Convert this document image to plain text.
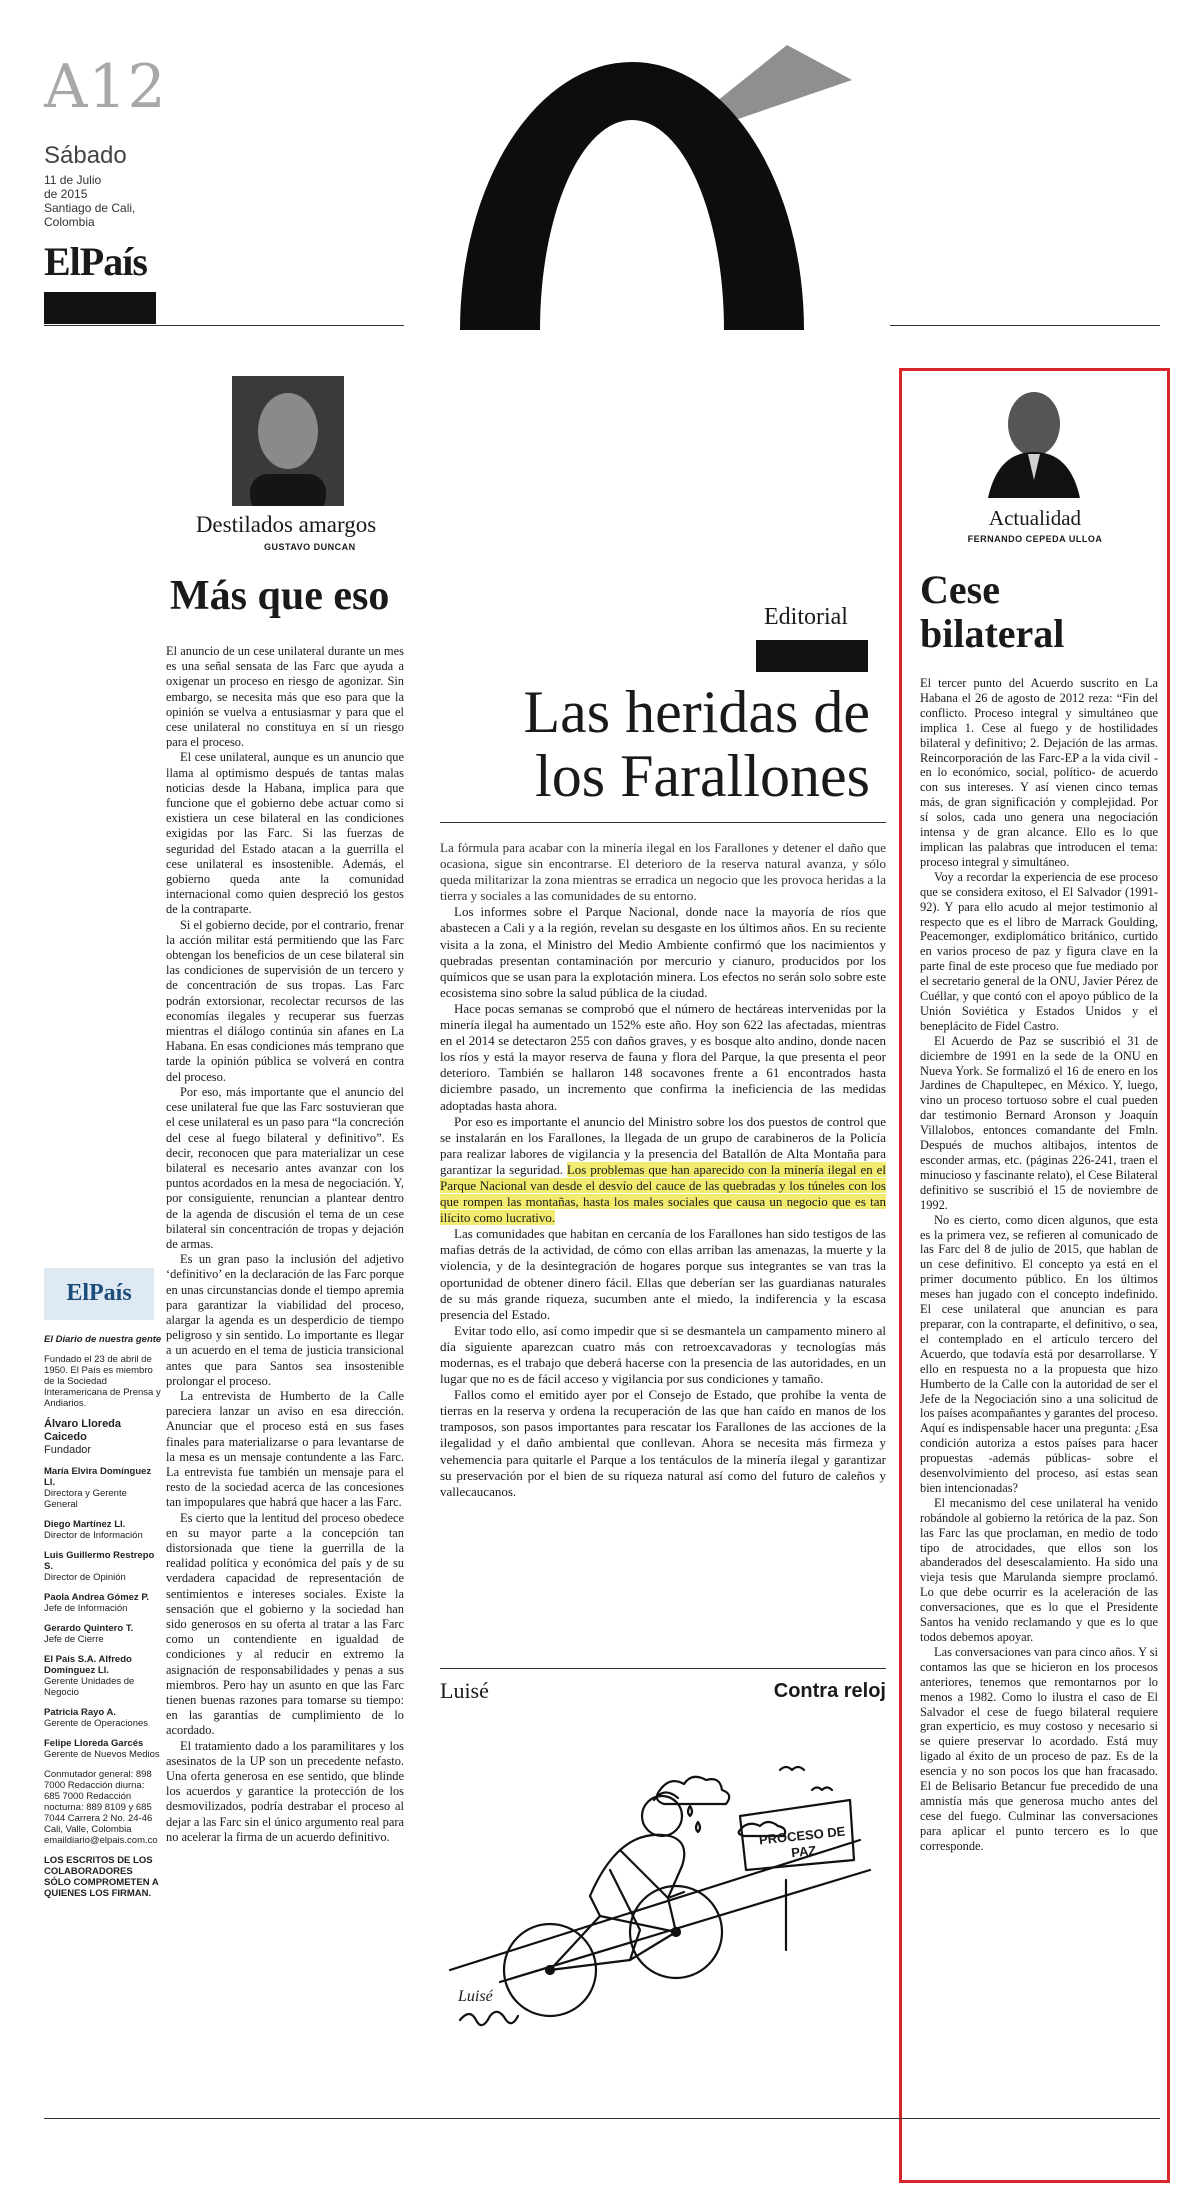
A12
Sábado
11 de Julio
de 2015
Santiago de Cali,
Colombia
ElPaís
Destilados amargos
GUSTAVO DUNCAN
Más que eso

El anuncio de un cese unilateral durante un mes es una señal sensata de las Farc que ayuda a oxigenar un proceso en riesgo de agonizar. Sin embargo, se necesita más que eso para que la opinión se vuelva a entusiasmar y para que el cese unilateral no constituya en sí un riesgo para el proceso.

El cese unilateral, aunque es un anuncio que llama al optimismo después de tantas malas noticias desde la Habana, implica para que funcione que el gobierno debe actuar como si existiera un cese bilateral en las condiciones exigidas por las Farc. Si las fuerzas de seguridad del Estado atacan a la guerrilla el cese unilateral es insostenible. Además, el gobierno queda ante la comunidad internacional como quien despreció los gestos de la contraparte.

Si el gobierno decide, por el contrario, frenar la acción militar está permitiendo que las Farc obtengan los beneficios de un cese bilateral sin las condiciones de supervisión de un tercero y de concentración de sus tropas. Las Farc podrán extorsionar, recolectar recursos de las economías ilegales y recuperar sus fuerzas mientras el diálogo continúa sin afanes en La Habana. En esas condiciones más temprano que tarde la opinión pública se volverá en contra del proceso.

Por eso, más importante que el anuncio del cese unilateral fue que las Farc sostuvieran que el cese unilateral es un paso para “la concreción del cese al fuego bilateral y definitivo”. Es decir, reconocen que para materializar un cese bilateral es necesario antes avanzar con los puntos acordados en la mesa de negociación. Y, por consiguiente, renuncian a plantear dentro de la agenda de discusión el tema de un cese bilateral sin concentración de tropas y dejación de armas.

Es un gran paso la inclusión del adjetivo ‘definitivo’ en la declaración de las Farc porque en unas circunstancias donde el tiempo apremia para garantizar la viabilidad del proceso, alargar la agenda es un desperdicio de tiempo peligroso y sin sentido. Lo importante es llegar a un acuerdo en el tema de justicia transicional antes que para Santos sea insostenible prolongar el proceso.

La entrevista de Humberto de la Calle pareciera lanzar un aviso en esa dirección. Anunciar que el proceso está en sus fases finales para materializarse o para levantarse de la mesa es un mensaje contundente a las Farc. La entrevista fue también un mensaje para el resto de la sociedad acerca de las concesiones tan impopulares que habrá que hacer a las Farc.

Es cierto que la lentitud del proceso obedece en su mayor parte a la concepción tan distorsionada que tiene la guerrilla de la realidad política y económica del país y de su verdadera capacidad de representación de sentimientos e intereses sociales. Existe la sensación que el gobierno y la sociedad han sido generosos en su oferta al tratar a las Farc como un contendiente en igualdad de condiciones y al reducir en extremo la asignación de responsabilidades y penas a sus miembros. Pero hay un asunto en que las Farc tienen buenas razones para tomarse su tiempo: en las garantías de cumplimiento de lo acordado.

El tratamiento dado a los paramilitares y los asesinatos de la UP son un precedente nefasto. Una oferta generosa en ese sentido, que blinde los acuerdos y garantice la protección de los desmovilizados, podría destrabar el proceso al dejar a las Farc sin el único argumento real para no acelerar la firma de un acuerdo definitivo.

ElPaís
El Diario de nuestra gente
Fundado el 23 de abril de 1950. El País es miembro de la Sociedad Interamericana de Prensa y Andiarios.
Álvaro Lloreda Caicedo
Fundador
María Elvira Domínguez Ll.
Directora y Gerente General
Diego Martínez Ll.
Director de Información
Luis Guillermo Restrepo S.
Director de Opinión
Paola Andrea Gómez P.
Jefe de Información
Gerardo Quintero T.
Jefe de Cierre
El País S.A. Alfredo Domínguez Ll.
Gerente Unidades de Negocio
Patricia Rayo A.
Gerente de Operaciones
Felipe Lloreda Garcés
Gerente de Nuevos Medios
Conmutador general: 898 7000 Redacción diurna: 685 7000 Redacción nocturna: 889 8109 y 685 7044 Carrera 2 No. 24-46 Cali, Valle, Colombia emaildiario@elpais.com.co
LOS ESCRITOS DE LOS COLABORADORES SÓLO COMPROMETEN A QUIENES LOS FIRMAN.
Editorial
Las heridas de
los Farallones

La fórmula para acabar con la minería ilegal en los Farallones y detener el daño que ocasiona, sigue sin encontrarse. El deterioro de la reserva natural avanza, y sólo queda militarizar la zona mientras se erradica un negocio que les provoca heridas a la tierra y sociales a las comunidades de su entorno.

Los informes sobre el Parque Nacional, donde nace la mayoría de ríos que abastecen a Cali y a la región, revelan su desgaste en los últimos años. En su reciente visita a la zona, el Ministro del Medio Ambiente confirmó que los nacimientos y quebradas presentan contaminación por mercurio y cianuro, producidos por los químicos que se usan para la explotación minera. Los efectos no serán solo sobre este ecosistema sino sobre la salud pública de la ciudad.

Hace pocas semanas se comprobó que el número de hectáreas intervenidas por la minería ilegal ha aumentado un 152% este año. Hoy son 622 las afectadas, mientras en el 2014 se detectaron 255 con daños graves, y es bosque alto andino, donde nacen los ríos y está la mayor reserva de fauna y flora del Parque, la que presenta el peor deterioro. También se hallaron 148 socavones frente a 61 encontrados hasta diciembre pasado, un incremento que confirma la ineficiencia de las medidas adoptadas hasta ahora.

Por eso es importante el anuncio del Ministro sobre los dos puestos de control que se instalarán en los Farallones, la llegada de un grupo de carabineros de la Policía para realizar labores de vigilancia y la presencia del Batallón de Alta Montaña para garantizar la seguridad. Los problemas que han aparecido con la minería ilegal en el Parque Nacional van desde el desvío del cauce de las quebradas y los túneles con los que rompen las montañas, hasta los males sociales que causa un negocio que es tan ilícito como lucrativo.

Las comunidades que habitan en cercanía de los Farallones han sido testigos de las mafias detrás de la actividad, de cómo con ellas arriban las amenazas, la muerte y la violencia, y de la desintegración de hogares porque sus integrantes se van tras la oportunidad de obtener dinero fácil. Ellas que deberían ser las guardianas naturales de su más grande riqueza, sucumben ante el miedo, la indiferencia y la escasa presencia del Estado.

Evitar todo ello, así como impedir que si se desmantela un campamento minero al día siguiente aparezcan cuatro más con retroexcavadoras y tecnologías más modernas, es el trabajo que deberá hacerse con la presencia de las autoridades, en un lugar que no es de fácil acceso y vigilancia por sus condiciones y tamaño.

Fallos como el emitido ayer por el Consejo de Estado, que prohíbe la venta de tierras en la reserva y ordena la recuperación de las que han caído en manos de los tramposos, son pasos importantes para rescatar los Farallones de las acciones de la ilegalidad y el daño ambiental que conllevan. Ahora se necesita más firmeza y vehemencia para quitarle el Parque a los tentáculos de la minería ilegal y garantizar su preservación por el bien de su riqueza natural así como del futuro de caleños y vallecaucanos.

Luisé	Contra reloj
PROCESO DE PAZ
Luisé
Actualidad
FERNANDO CEPEDA ULLOA
Cese
bilateral

El tercer punto del Acuerdo suscrito en La Habana el 26 de agosto de 2012 reza: “Fin del conflicto. Proceso integral y simultáneo que implica 1. Cese al fuego y de hostilidades bilateral y definitivo; 2. Dejación de las armas. Reincorporación de las Farc-EP a la vida civil -en lo económico, social, político- de acuerdo con sus intereses. Y así vienen cinco temas más, de gran significación y complejidad. Por sí solos, cada uno genera una negociación intensa y de gran alcance. Ello es lo que implican las palabras que introducen el tema: proceso integral y simultáneo.

Voy a recordar la experiencia de ese proceso que se considera exitoso, el El Salvador (1991-92). Y para ello acudo al mejor testimonio al respecto que es el libro de Marrack Goulding, Peacemonger, exdiplomático británico, curtido en varios proceso de paz y figura clave en la parte final de este proceso que fue mediado por el secretario general de la ONU, Javier Pérez de Cuéllar, y que contó con el apoyo público de la Unión Soviética y Estados Unidos y el beneplácito de Fidel Castro.

El Acuerdo de Paz se suscribió el 31 de diciembre de 1991 en la sede de la ONU en Nueva York. Se formalizó el 16 de enero en los Jardines de Chapultepec, en México. Y, luego, vino un proceso tortuoso sobre el cual pueden dar testimonio Bernard Aronson y Joaquín Villalobos, entonces comandante del Fmln. Después de muchos altibajos, intentos de esconder armas, etc. (páginas 226-241, traen el minucioso y fascinante relato), el Cese Bilateral definitivo se suscribió el 15 de noviembre de 1992.

No es cierto, como dicen algunos, que esta es la primera vez, se refieren al comunicado de las Farc del 8 de julio de 2015, que hablan de un cese definitivo. El concepto ya está en el primer documento público. En los últimos meses han jugado con el concepto indefinido. El cese unilateral que anuncian es para preparar, con la contraparte, el definitivo, o sea, el contemplado en el artículo tercero del Acuerdo, que todavía está por desarrollarse. Y ello en respuesta no a la propuesta que hizo Humberto de la Calle con la autoridad de ser el Jefe de la Negociación sino a una solicitud de los países acompañantes y garantes del proceso. Aquí es indispensable hacer una pregunta: ¿Esa condición autoriza a estos países para hacer propuestas -además públicas- sobre el desenvolvimiento del proceso, así estas sean bien intencionadas?

El mecanismo del cese unilateral ha venido robándole al gobierno la retórica de la paz. Son las Farc las que proclaman, en medio de todo tipo de atrocidades, que ellos son los abanderados del desescalamiento. Ha sido una vieja tesis que Marulanda siempre proclamó. Lo que debe ocurrir es la aceleración de las conversaciones, que es lo que el Presidente Santos ha venido reclamando y que es lo que todos debemos apoyar.

Las conversaciones van para cinco años. Y si contamos las que se hicieron en los procesos anteriores, tenemos que remontarnos por lo menos a 1982. Como lo ilustra el caso de El Salvador el cese de fuego bilateral requiere gran experticio, es muy costoso y necesario si se quiere preservar lo acordado. Está muy ligado al éxito de un proceso de paz. Es de la esencia y no son pocos los que han fracasado. El de Belisario Betancur fue precedido de una amnistía más que generosa mucho antes del cese del fuego. Culminar las conversaciones para aplicar el punto tercero es lo que corresponde.
